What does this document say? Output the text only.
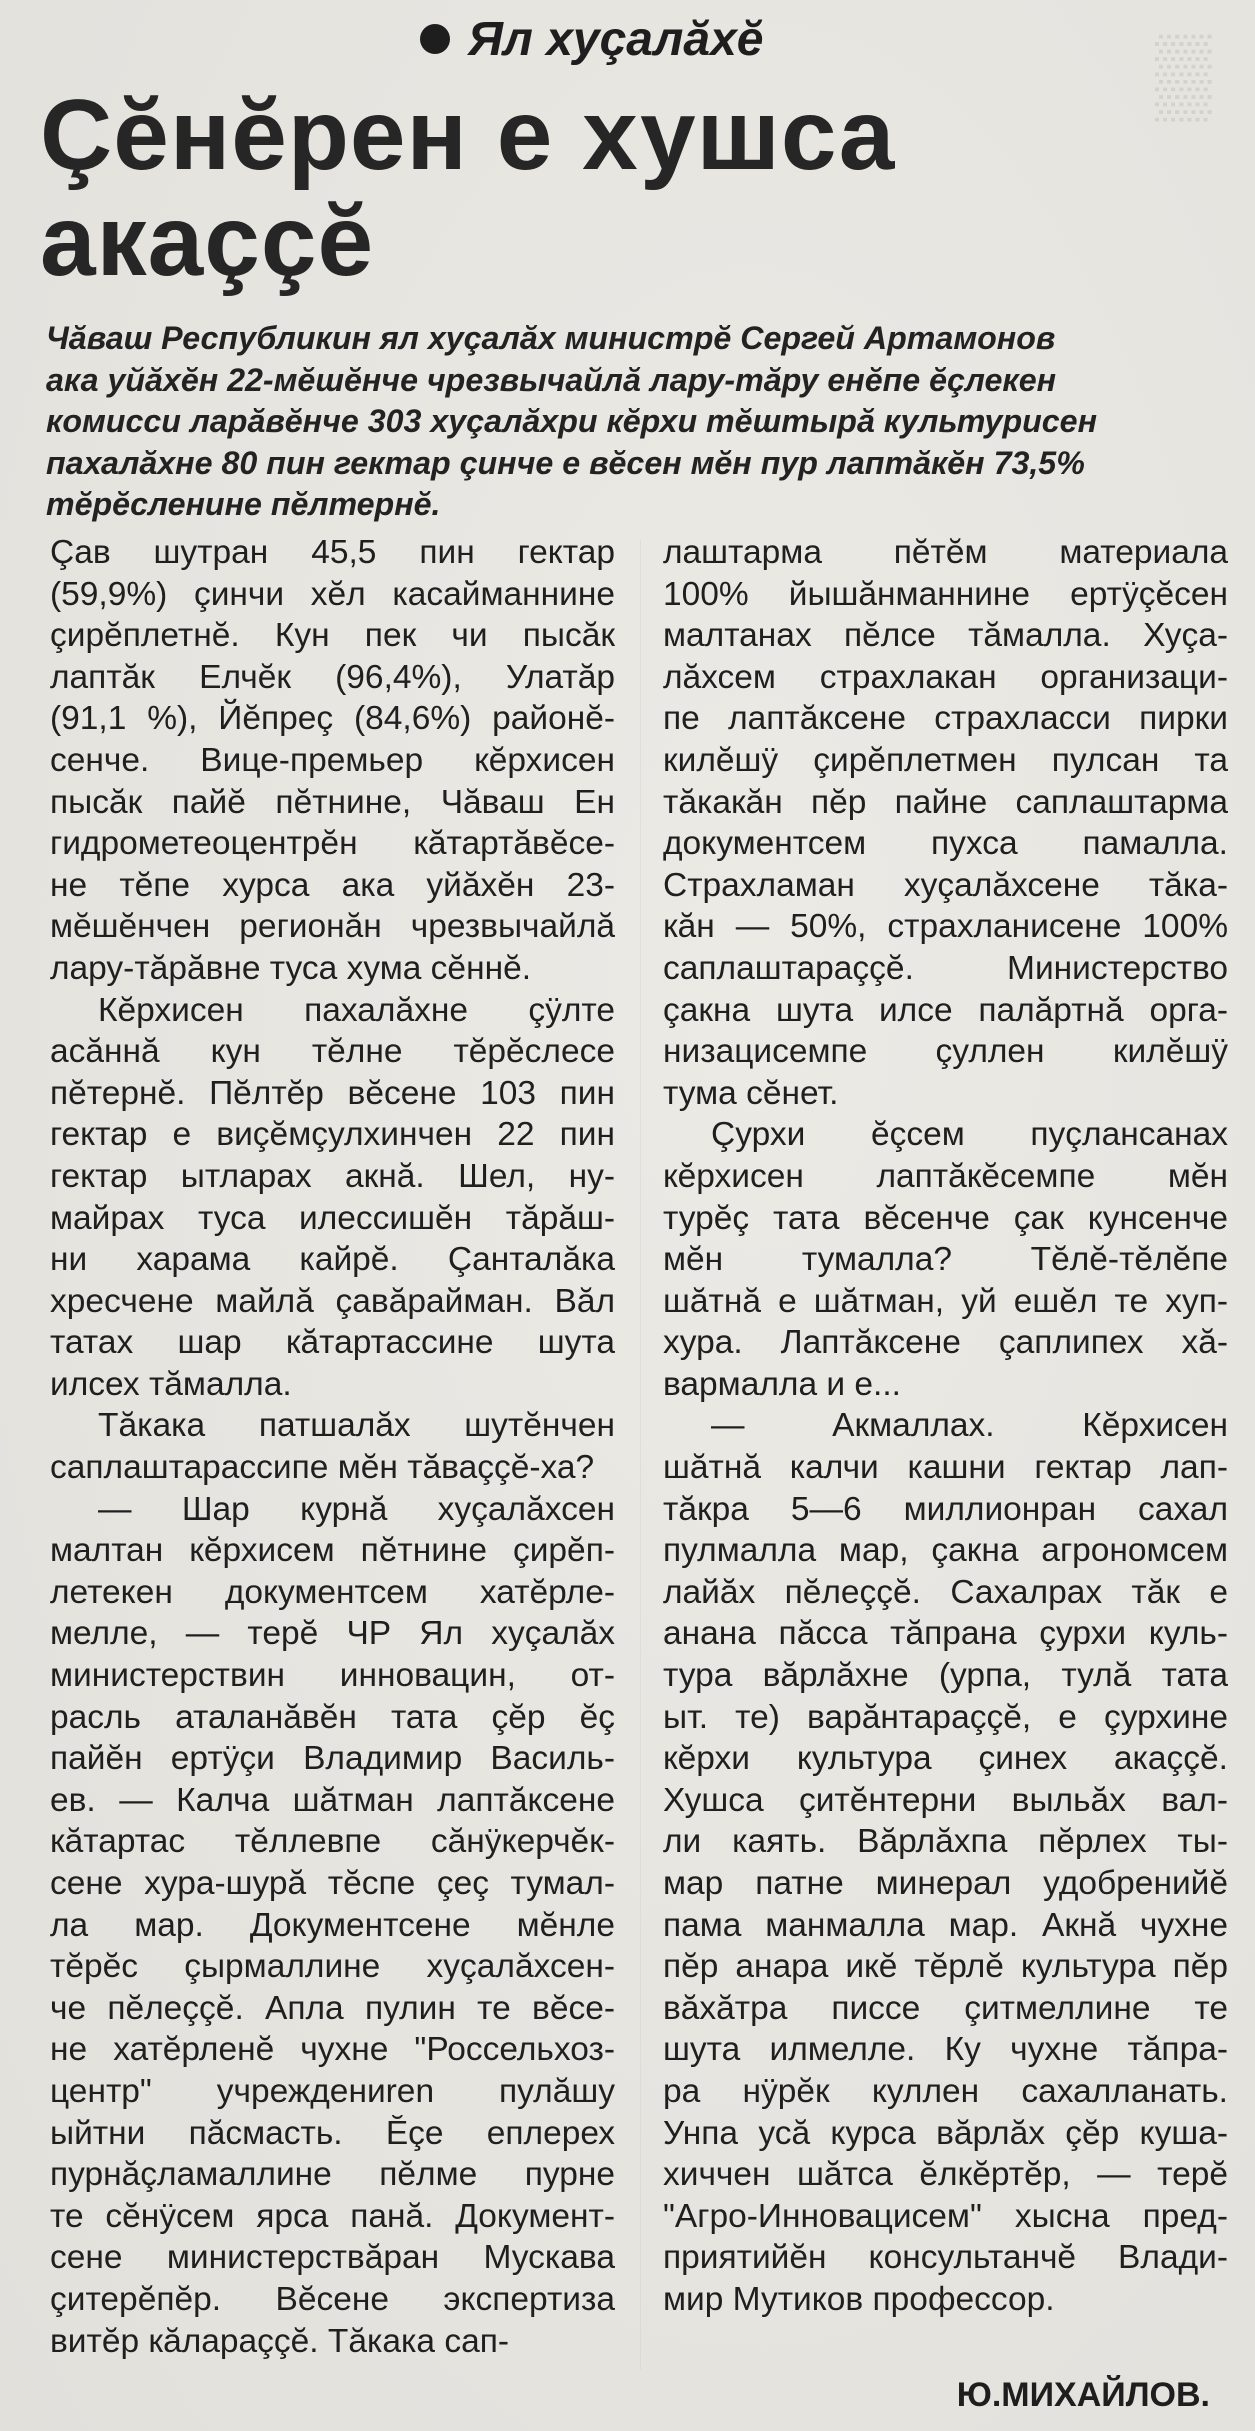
▒
Ял хуçалăхĕ
Çĕнĕрен е хушса
акаççĕ
Чăваш Республикин ял хуçалăх министрĕ Сергей Артамонов
ака уйăхĕн 22-мĕшĕнче чрезвычайлă лару-тăру енĕпе ĕçлекен
комисси ларăвĕнче 303 хуçалăхри кĕрхи тĕштырă культурисен
пахалăхне 80 пин гектар çинче е вĕсен мĕн пур лаптăкĕн 73,5%
тĕрĕсленине пĕлтернĕ.
Çав шутран 45,5 пин гектар
(59,9%) çинчи хĕл касайманнине
çирĕплетнĕ. Кун пек чи пысăк
лаптăк Елчĕк (96,4%), Улатăр
(91,1 %), Йĕпреç (84,6%) районĕ-
сенче. Вице-премьер кĕрхисен
пысăк пайĕ пĕтнине, Чăваш Ен
гидрометеоцентрĕн кăтартăвĕсе-
не тĕпе хурса ака уйăхĕн 23-
мĕшĕнчен регионăн чрезвычайлă
лару-тăрăвне туса хума сĕннĕ.
Кĕрхисен пахалăхне çÿлте
асăннă кун тĕлне тĕрĕслесе
пĕтернĕ. Пĕлтĕр вĕсене 103 пин
гектар е виçĕмçулхинчен 22 пин
гектар ытларах акнă. Шел, ну-
майрах туса илессишĕн тăрăш-
ни харама кайрĕ. Çанталăка
хресчене майлă çавăрайман. Вăл
татах шар кăтартассине шута
илсех тăмалла.
Тăкака патшалăх шутĕнчен
саплаштарассипе мĕн тăваççĕ-ха?
— Шар курнă хуçалăхсен
малтан кĕрхисем пĕтнине çирĕп-
летекен документсем хатĕрле-
мелле, — терĕ ЧР Ял хуçалăх
министерствин инновацин, от-
расль аталанăвĕн тата çĕр ĕç
пайĕн ертÿçи Владимир Василь-
ев. — Калча шăтман лаптăксене
кăтартас тĕллевпе сăнÿкерчĕк-
сене хура-шурă тĕспе çеç тумал-
ла мар. Документсене мĕнле
тĕрĕс çырмаллине хуçалăхсен-
че пĕлеççĕ. Апла пулин те вĕсе-
не хатĕрленĕ чухне "Россельхоз-
центр" учреждениren пулăшу
ыйтни пăсмасть. Ĕçе еплерех
пурнăçламаллине пĕлме пурне
те сĕнÿсем ярса панă. Документ-
сене министерствăран Мускава
çитерĕпĕр. Вĕсене экспертиза
витĕр кăлараççĕ. Тăкака сап-
лаштарма пĕтĕм материала
100% йышăнманнине ертÿçĕсен
малтанах пĕлсе тăмалла. Хуçа-
лăхсем страхлакан организаци-
пе лаптăксене страхласси пирки
килĕшÿ çирĕплетмен пулсан та
тăкакăн пĕр пайне саплаштарма
документсем пухса памалла.
Страхламан хуçалăхсене тăка-
кăн — 50%, страхланисене 100%
саплаштараççĕ. Министерство
çакна шута илсе палăртнă орга-
низацисемпе çуллен килĕшÿ
тума сĕнет.
Çурхи ĕçсем пуçлансанах
кĕрхисен лаптăкĕсемпе мĕн
турĕç тата вĕсенче çак кунсенче
мĕн тумалла? Тĕлĕ-тĕлĕпе
шăтнă е шăтман, уй ешĕл те хуп-
хура. Лаптăксене çаплипех хă-
вармалла и е...
— Акмаллах. Кĕрхисен
шăтнă калчи кашни гектар лап-
тăкра 5—6 миллионран сахал
пулмалла мар, çакна агрономсем
лайăх пĕлеççĕ. Сахалрах тăк е
анана пăсса тăпрана çурхи куль-
тура вăрлăхне (урпа, тулă тата
ыт. те) варăнтараççĕ, е çурхине
кĕрхи культура çинех акаççĕ.
Хушса çитĕнтерни выльăх вал-
ли каять. Вăрлăхпа пĕрлех ты-
мар патне минерал удобренийĕ
пама манмалла мар. Акнă чухне
пĕр анара икĕ тĕрлĕ культура пĕр
вăхăтра писсе çитмеллине те
шута илмелле. Ку чухне тăпра-
ра нÿрĕк куллен сахалланать.
Унпа усă курса вăрлăх çĕр куша-
хиччен шăтса ĕлкĕртĕр, — терĕ
"Агро-Инновацисем" хысна пред-
приятийĕн консультанчĕ Влади-
мир Мутиков профессор.
Ю.МИХАЙЛОВ.
